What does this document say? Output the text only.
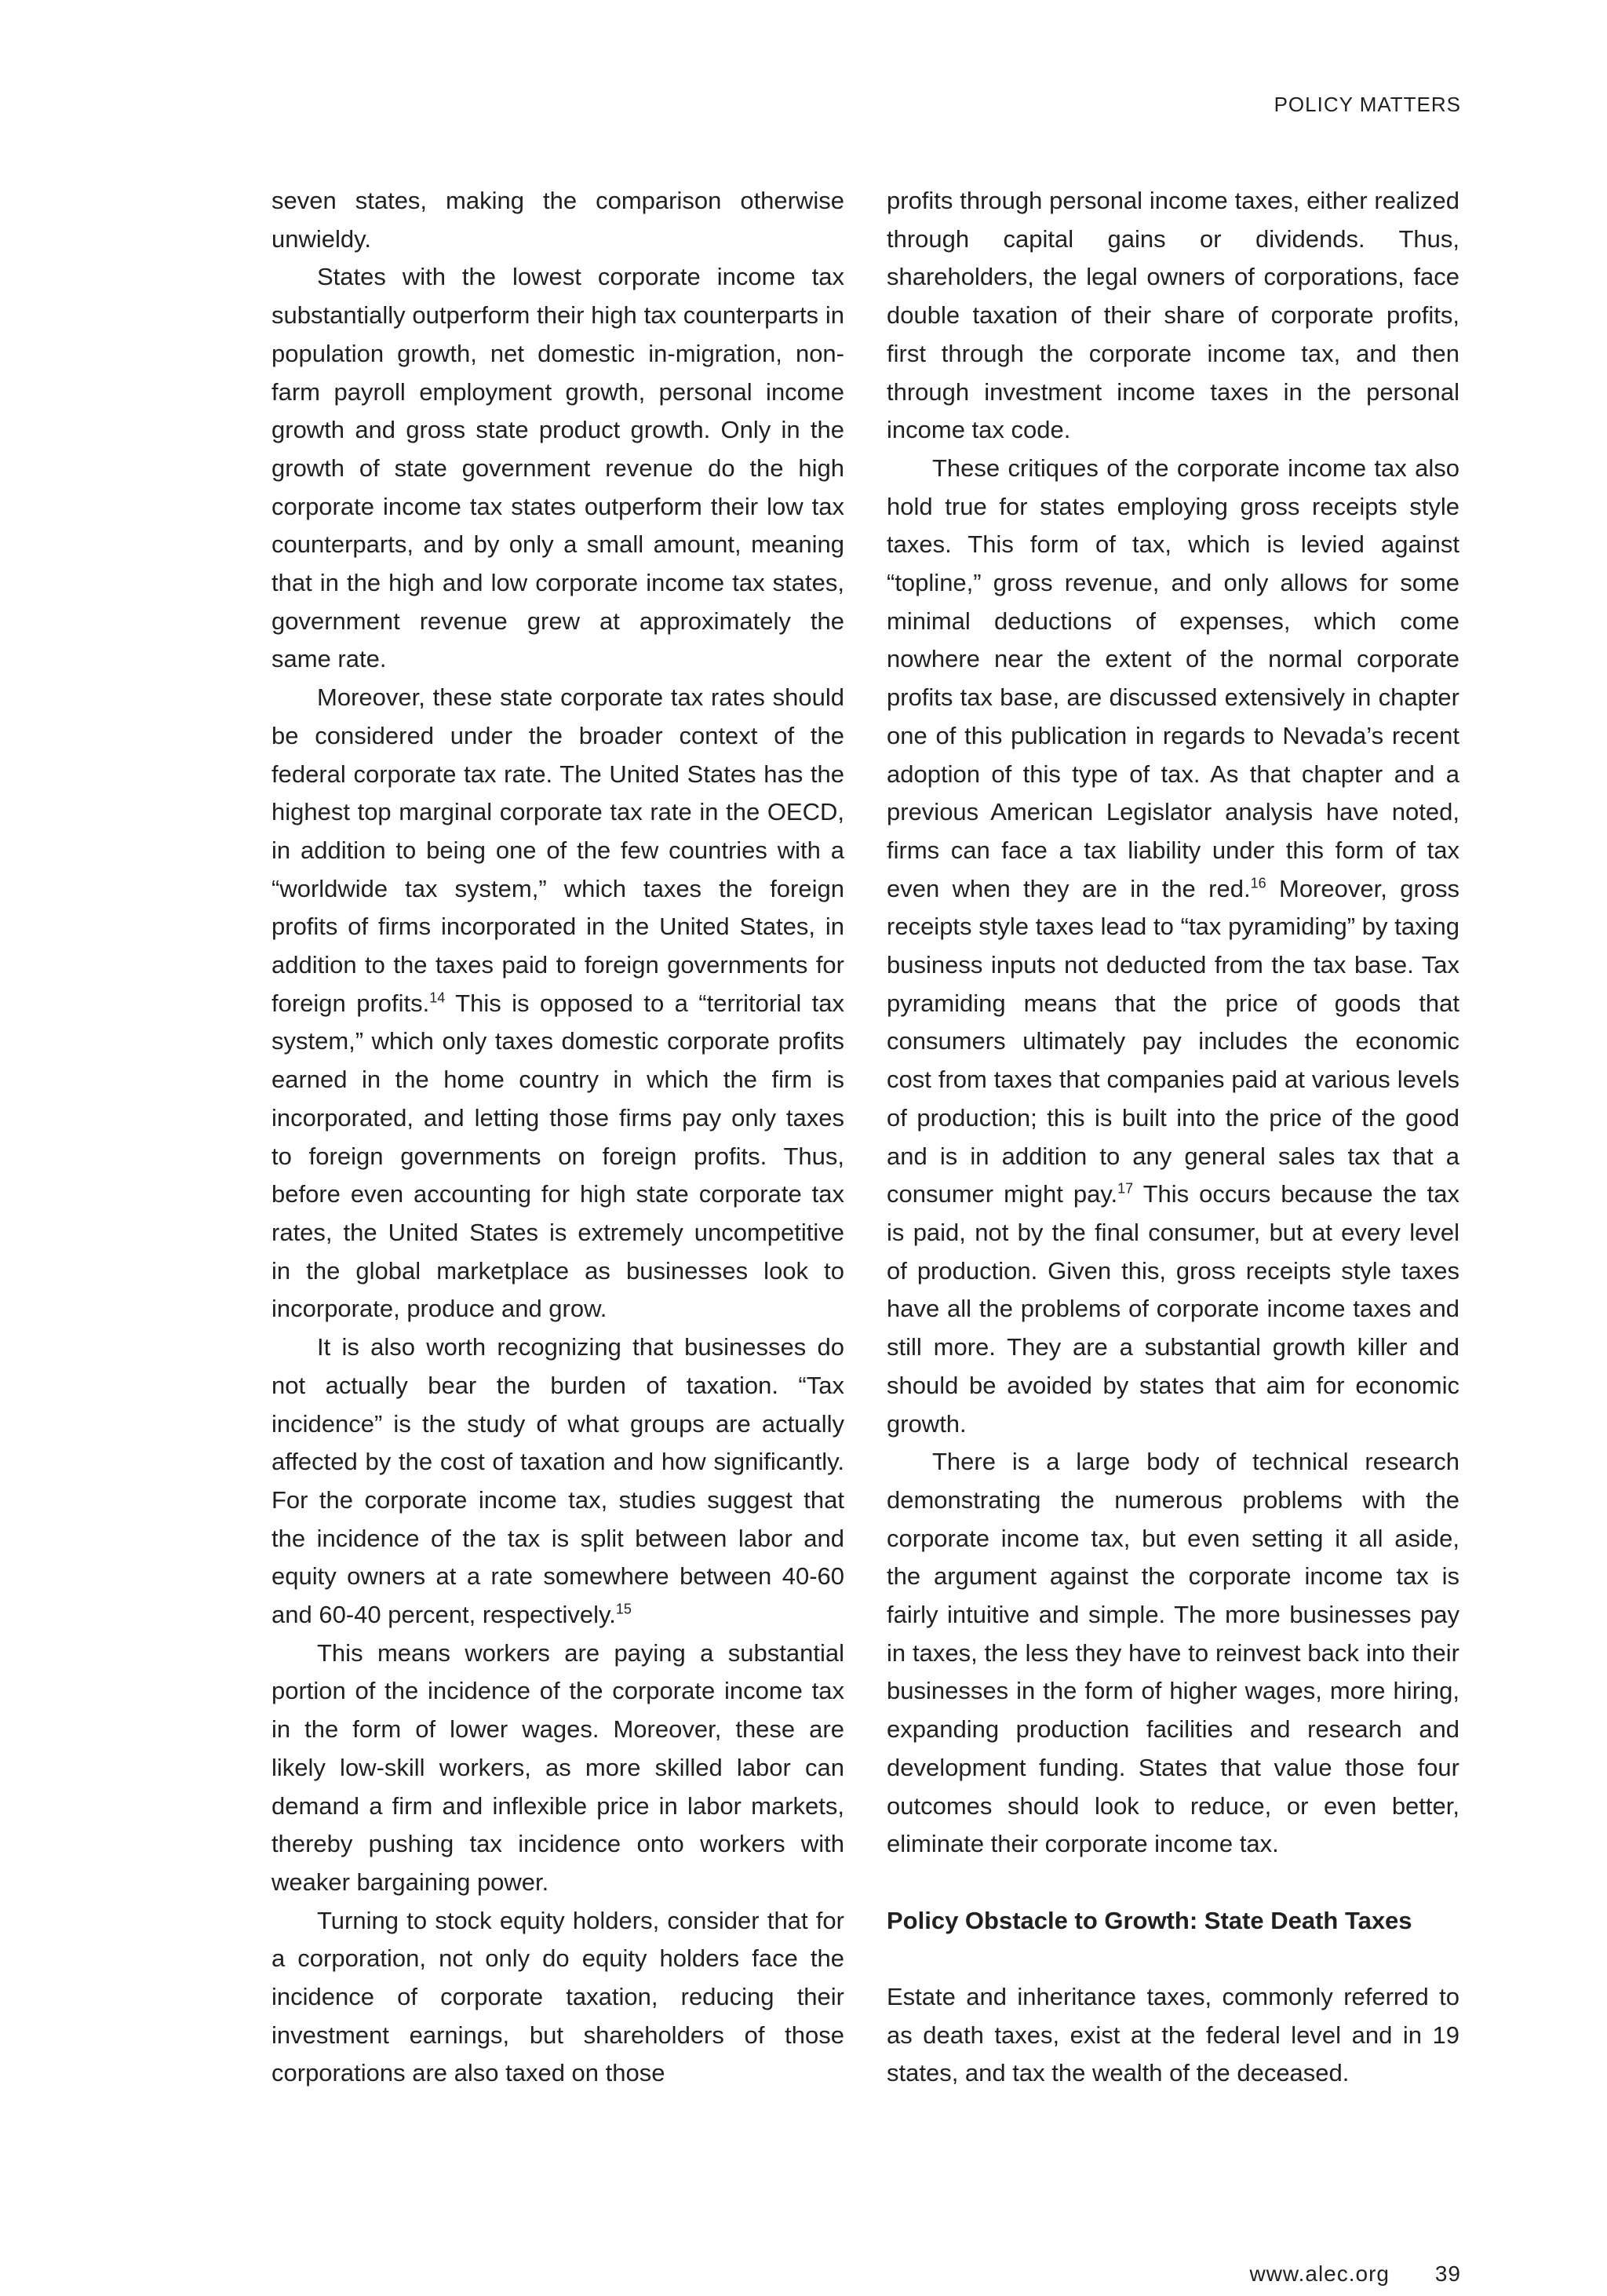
POLICY MATTERS

seven states, making the comparison otherwise unwieldy.

States with the lowest corporate income tax substantially outperform their high tax counterparts in population growth, net domestic in-migration, non-farm payroll employment growth, personal income growth and gross state product growth. Only in the growth of state government revenue do the high corporate income tax states outperform their low tax counterparts, and by only a small amount, meaning that in the high and low corporate income tax states, government revenue grew at approximately the same rate.

Moreover, these state corporate tax rates should be considered under the broader context of the federal corporate tax rate. The United States has the highest top marginal corporate tax rate in the OECD, in addition to being one of the few countries with a “worldwide tax system,” which taxes the foreign profits of firms incorporated in the United States, in addition to the taxes paid to foreign governments for foreign profits.$^{14}$ This is opposed to a “territorial tax system,” which only taxes domestic corporate profits earned in the home country in which the firm is incorporated, and letting those firms pay only taxes to foreign governments on foreign profits. Thus, before even accounting for high state corporate tax rates, the United States is extremely uncompetitive in the global marketplace as businesses look to incorporate, produce and grow.

It is also worth recognizing that businesses do not actually bear the burden of taxation. “Tax incidence” is the study of what groups are actually affected by the cost of taxation and how significantly. For the corporate income tax, studies suggest that the incidence of the tax is split between labor and equity owners at a rate somewhere between 40-60 and 60-40 percent, respectively.$^{15}$

This means workers are paying a substantial portion of the incidence of the corporate income tax in the form of lower wages. Moreover, these are likely low-skill workers, as more skilled labor can demand a firm and inflexible price in labor markets, thereby pushing tax incidence onto workers with weaker bargaining power.

Turning to stock equity holders, consider that for a corporation, not only do equity holders face the incidence of corporate taxation, reducing their investment earnings, but shareholders of those corporations are also taxed on those

profits through personal income taxes, either realized through capital gains or dividends. Thus, shareholders, the legal owners of corporations, face double taxation of their share of corporate profits, first through the corporate income tax, and then through investment income taxes in the personal income tax code.

These critiques of the corporate income tax also hold true for states employing gross receipts style taxes. This form of tax, which is levied against “topline,” gross revenue, and only allows for some minimal deductions of expenses, which come nowhere near the extent of the normal corporate profits tax base, are discussed extensively in chapter one of this publication in regards to Nevada’s recent adoption of this type of tax. As that chapter and a previous American Legislator analysis have noted, firms can face a tax liability under this form of tax even when they are in the red.$^{16}$ Moreover, gross receipts style taxes lead to “tax pyramiding” by taxing business inputs not deducted from the tax base. Tax pyramiding means that the price of goods that consumers ultimately pay includes the economic cost from taxes that companies paid at various levels of production; this is built into the price of the good and is in addition to any general sales tax that a consumer might pay.$^{17}$ This occurs because the tax is paid, not by the final consumer, but at every level of production. Given this, gross receipts style taxes have all the problems of corporate income taxes and still more. They are a substantial growth killer and should be avoided by states that aim for economic growth.

There is a large body of technical research demonstrating the numerous problems with the corporate income tax, but even setting it all aside, the argument against the corporate income tax is fairly intuitive and simple. The more businesses pay in taxes, the less they have to reinvest back into their businesses in the form of higher wages, more hiring, expanding production facilities and research and development funding. States that value those four outcomes should look to reduce, or even better, eliminate their corporate income tax.

Policy Obstacle to Growth: State Death Taxes

Estate and inheritance taxes, commonly referred to as death taxes, exist at the federal level and in 19 states, and tax the wealth of the deceased.

www.alec.org 39
